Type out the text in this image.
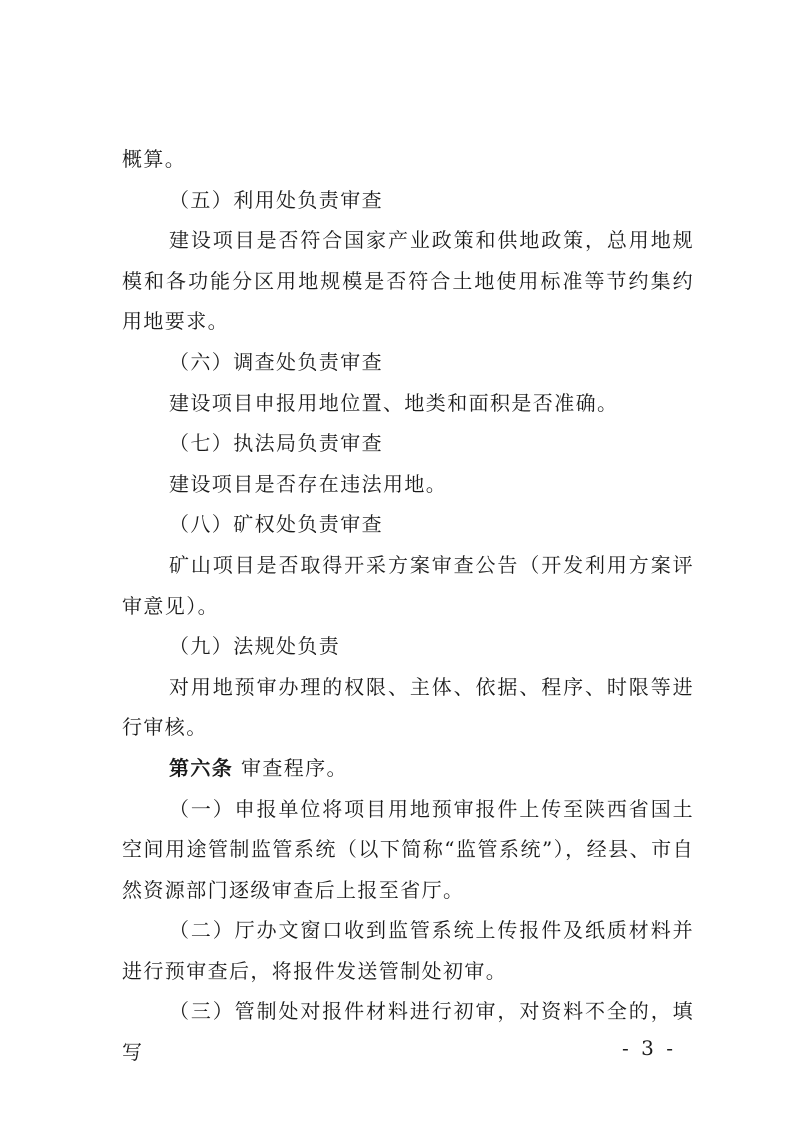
概算。

（五）利用处负责审查

建设项目是否符合国家产业政策和供地政策，总用地规模和各功能分区用地规模是否符合土地使用标准等节约集约用地要求。

（六）调查处负责审查

建设项目申报用地位置、地类和面积是否准确。

（七）执法局负责审查

建设项目是否存在违法用地。

（八）矿权处负责审查

矿山项目是否取得开采方案审查公告（开发利用方案评审意见）。

（九）法规处负责

对用地预审办理的权限、主体、依据、程序、时限等进行审核。

第六条 审查程序。

（一）申报单位将项目用地预审报件上传至陕西省国土空间用途管制监管系统（以下简称“监管系统”），经县、市自然资源部门逐级审查后上报至省厅。

（二）厅办文窗口收到监管系统上传报件及纸质材料并进行预审查后，将报件发送管制处初审。

（三）管制处对报件材料进行初审，对资料不全的，填写	- 3 -
